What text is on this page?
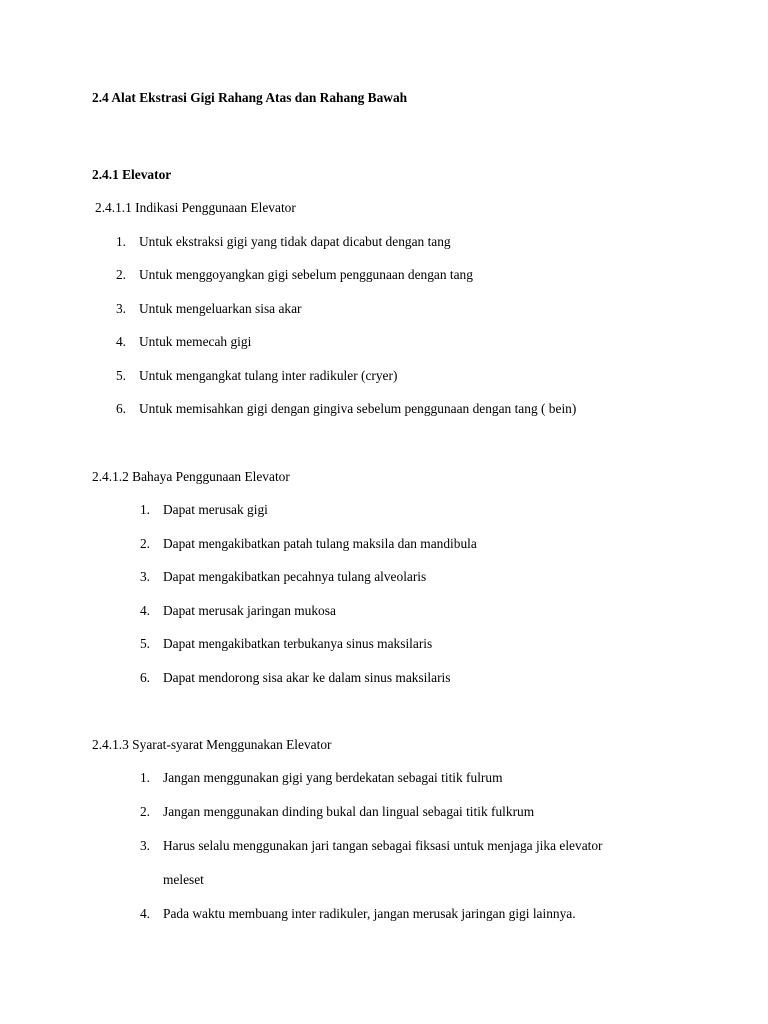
2.4 Alat Ekstrasi Gigi Rahang Atas dan Rahang Bawah
2.4.1 Elevator
2.4.1.1 Indikasi Penggunaan Elevator
1. Untuk ekstraksi gigi yang tidak dapat dicabut dengan tang
2. Untuk menggoyangkan gigi sebelum penggunaan dengan tang
3. Untuk mengeluarkan sisa akar
4. Untuk memecah gigi
5. Untuk mengangkat tulang inter radikuler (cryer)
6. Untuk memisahkan gigi dengan gingiva sebelum penggunaan dengan tang ( bein)
2.4.1.2 Bahaya Penggunaan Elevator
1. Dapat merusak gigi
2. Dapat mengakibatkan patah tulang maksila dan mandibula
3. Dapat mengakibatkan pecahnya tulang alveolaris
4. Dapat merusak jaringan mukosa
5. Dapat mengakibatkan terbukanya sinus maksilaris
6. Dapat mendorong sisa akar ke dalam sinus maksilaris
2.4.1.3 Syarat-syarat Menggunakan Elevator
1. Jangan menggunakan gigi yang berdekatan sebagai titik fulrum
2. Jangan menggunakan dinding bukal dan lingual sebagai titik fulkrum
3. Harus selalu menggunakan jari tangan sebagai fiksasi untuk menjaga jika elevator
meleset
4. Pada waktu membuang inter radikuler, jangan merusak jaringan gigi lainnya.
